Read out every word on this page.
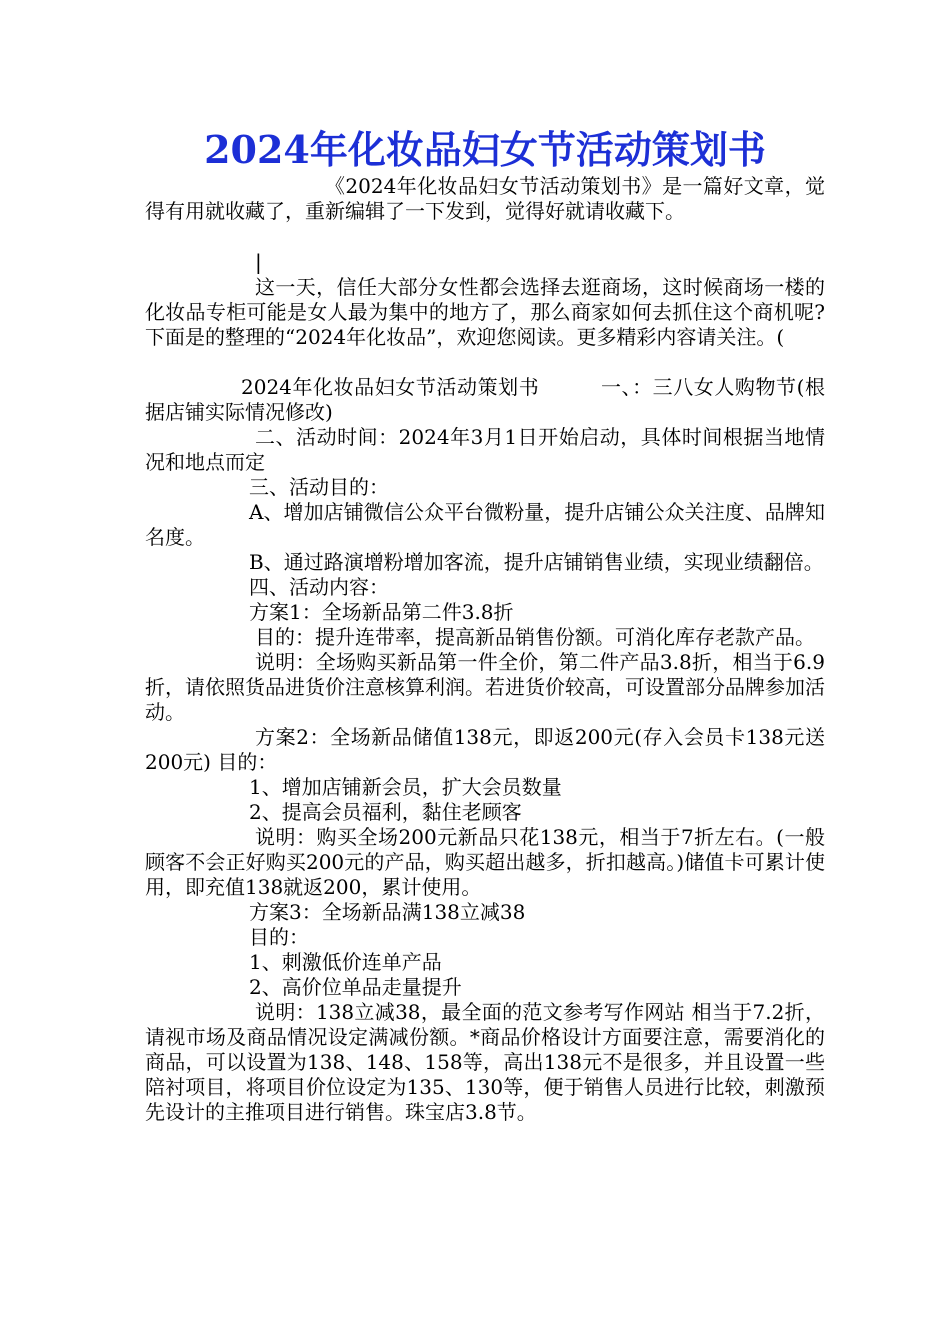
2024年化妆品妇女节活动策划书

《2024年化妆品妇女节活动策划书》是一篇好文章，觉得有用就收藏了，重新编辑了一下发到，觉得好就请收藏下。

|

这一天，信任大部分女性都会选择去逛商场，这时候商场一楼的化妆品专柜可能是女人最为集中的地方了，那么商家如何去抓住这个商机呢?下面是的整理的“2024年化妆品”，欢迎您阅读。更多精彩内容请关注。(

2024年化妆品妇女节活动策划书　　　一、：三八女人购物节(根据店铺实际情况修改)

二、活动时间：2024年3月1日开始启动，具体时间根据当地情况和地点而定

三、活动目的：

A、增加店铺微信公众平台微粉量，提升店铺公众关注度、品牌知名度。

B、通过路演增粉增加客流，提升店铺销售业绩，实现业绩翻倍。

四、活动内容：

方案1：全场新品第二件3.8折

目的：提升连带率，提高新品销售份额。可消化库存老款产品。

说明：全场购买新品第一件全价，第二件产品3.8折，相当于6.9折，请依照货品进货价注意核算利润。若进货价较高，可设置部分品牌参加活动。

方案2：全场新品储值138元，即返200元(存入会员卡138元送200元) 目的：

1、增加店铺新会员，扩大会员数量

2、提高会员福利，黏住老顾客

说明：购买全场200元新品只花138元，相当于7折左右。(一般顾客不会正好购买200元的产品，购买超出越多，折扣越高。)储值卡可累计使用，即充值138就返200，累计使用。

方案3：全场新品满138立减38

目的：

1、刺激低价连单产品

2、高价位单品走量提升

说明：138立减38，最全面的范文参考写作网站 相当于7.2折，请视市场及商品情况设定满减份额。*商品价格设计方面要注意，需要消化的商品，可以设置为138、148、158等，高出138元不是很多，并且设置一些陪衬项目，将项目价位设定为135、130等，便于销售人员进行比较，刺激预先设计的主推项目进行销售。珠宝店3.8节。
